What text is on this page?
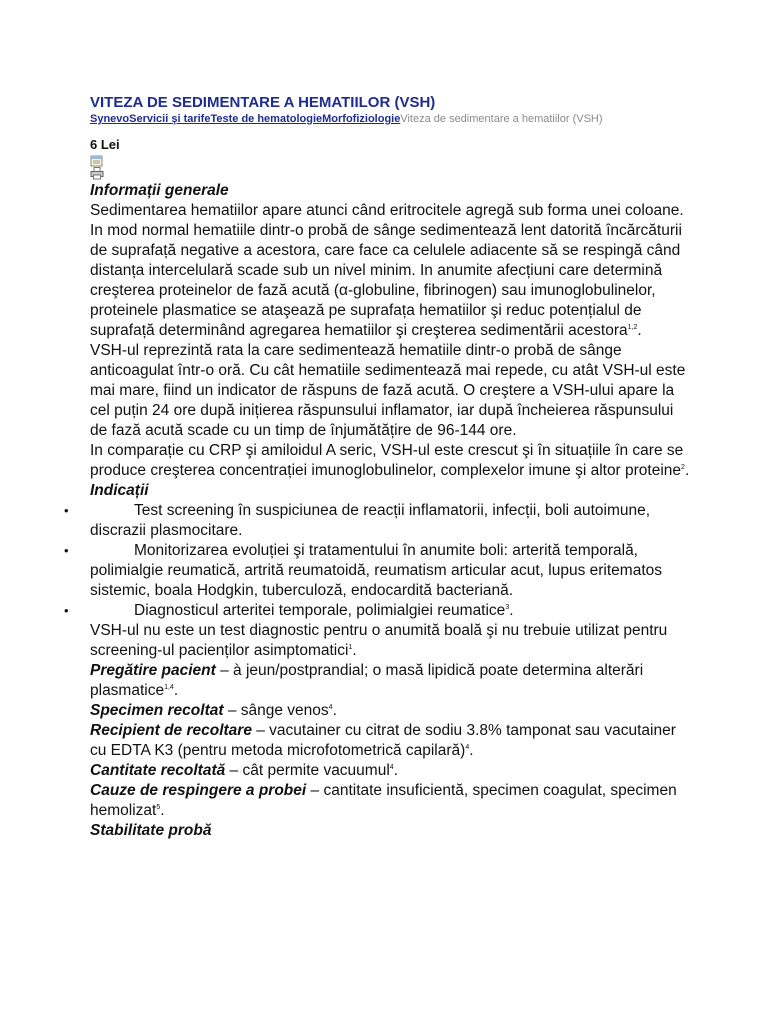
VITEZA DE SEDIMENTARE A HEMATIILOR (VSH)
SynevoServicii şi tarifeTeste de hematologieMorfofiziologieViteza de sedimentare a hematiilor (VSH)
6 Lei
Informații generale
Sedimentarea hematiilor apare atunci când eritrocitele agregă sub forma unei coloane. In mod normal hematiile dintr-o probă de sânge sedimentează lent datorită încărcăturii de suprafață negative a acestora, care face ca celulele adiacente să se respingă când distanța intercelulară scade sub un nivel minim. In anumite afecțiuni care determină creşterea proteinelor de fază acută (α-globuline, fibrinogen) sau imunoglobulinelor, proteinele plasmatice se ataşează pe suprafața hematiilor şi reduc potențialul de suprafață determinând agregarea hematiilor şi creşterea sedimentării acestora$^{1,2}$.
VSH-ul reprezintă rata la care sedimentează hematiile dintr-o probă de sânge anticoagulat într-o oră. Cu cât hematiile sedimentează mai repede, cu atât VSH-ul este mai mare, fiind un indicator de răspuns de fază acută. O creştere a VSH-ului apare la cel puțin 24 ore după inițierea răspunsului inflamator, iar după încheierea răspunsului de fază acută scade cu un timp de înjumătățire de 96-144 ore.
In comparație cu CRP şi amiloidul A seric, VSH-ul este crescut şi în situațiile în care se produce creşterea concentrației imunoglobulinelor, complexelor imune şi altor proteine$^2$.
Indicații
•	Test screening în suspiciunea de reacții inflamatorii, infecții, boli autoimune, discrazii plasmocitare.
•	Monitorizarea evoluției şi tratamentului în anumite boli: arterită temporală, polimialgie reumatică, artrită reumatoidă, reumatism articular acut, lupus eritematos sistemic, boala Hodgkin, tuberculoză, endocardită bacteriană.
•	Diagnosticul arteritei temporale, polimialgiei reumatice$^3$.
VSH-ul nu este un test diagnostic pentru o anumită boală şi nu trebuie utilizat pentru screening-ul pacienților asimptomatici$^1$.
Pregătire pacient – à jeun/postprandial; o masă lipidică poate determina alterări plasmatice$^{1,4}$.
Specimen recoltat – sânge venos$^4$.
Recipient de recoltare – vacutainer cu citrat de sodiu 3.8% tamponat sau vacutainer cu EDTA K3 (pentru metoda microfotometrică capilară)$^4$.
Cantitate recoltată – cât permite vacuumul$^4$.
Cauze de respingere a probei – cantitate insuficientă, specimen coagulat, specimen hemolizat$^5$.
Stabilitate probă
